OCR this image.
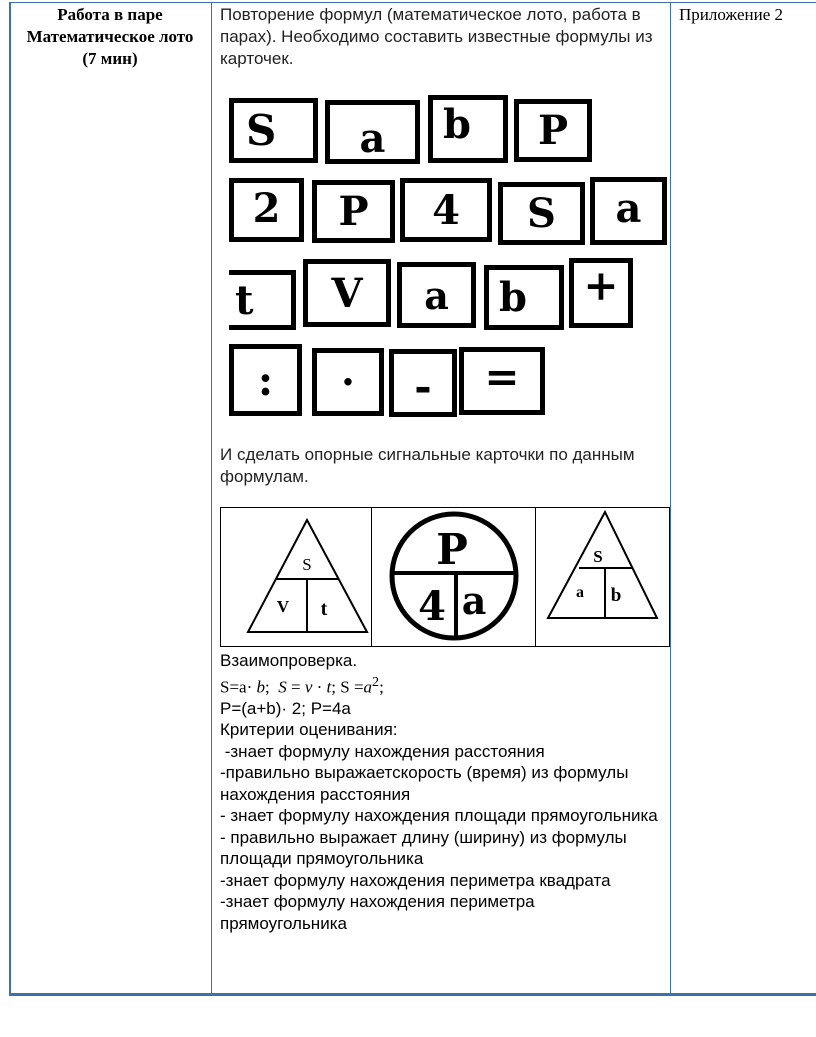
Работа в паре
Математическое лото
(7 мин)
Приложение 2
Повторение формул (математическое лото, работа в парах). Необходимо составить известные формулы из карточек.
S a b P
2 P 4 S a
t V a b +
: · - =
И сделать опорные сигнальные карточки по данным формулам.
S
V t
P
4 a
S
a b
Взаимопроверка.
S=a· b;  S = v · t; $S =a^2$;
P=(a+b)· 2; P=4a
Критерии оценивания:
-знает формулу нахождения расстояния
-правильно выражаетскорость (время) из формулы нахождения расстояния
- знает формулу нахождения площади прямоугольника
- правильно выражает длину (ширину) из формулы площади прямоугольника
-знает формулу нахождения периметра квадрата
-знает формулу нахождения периметра прямоугольника
